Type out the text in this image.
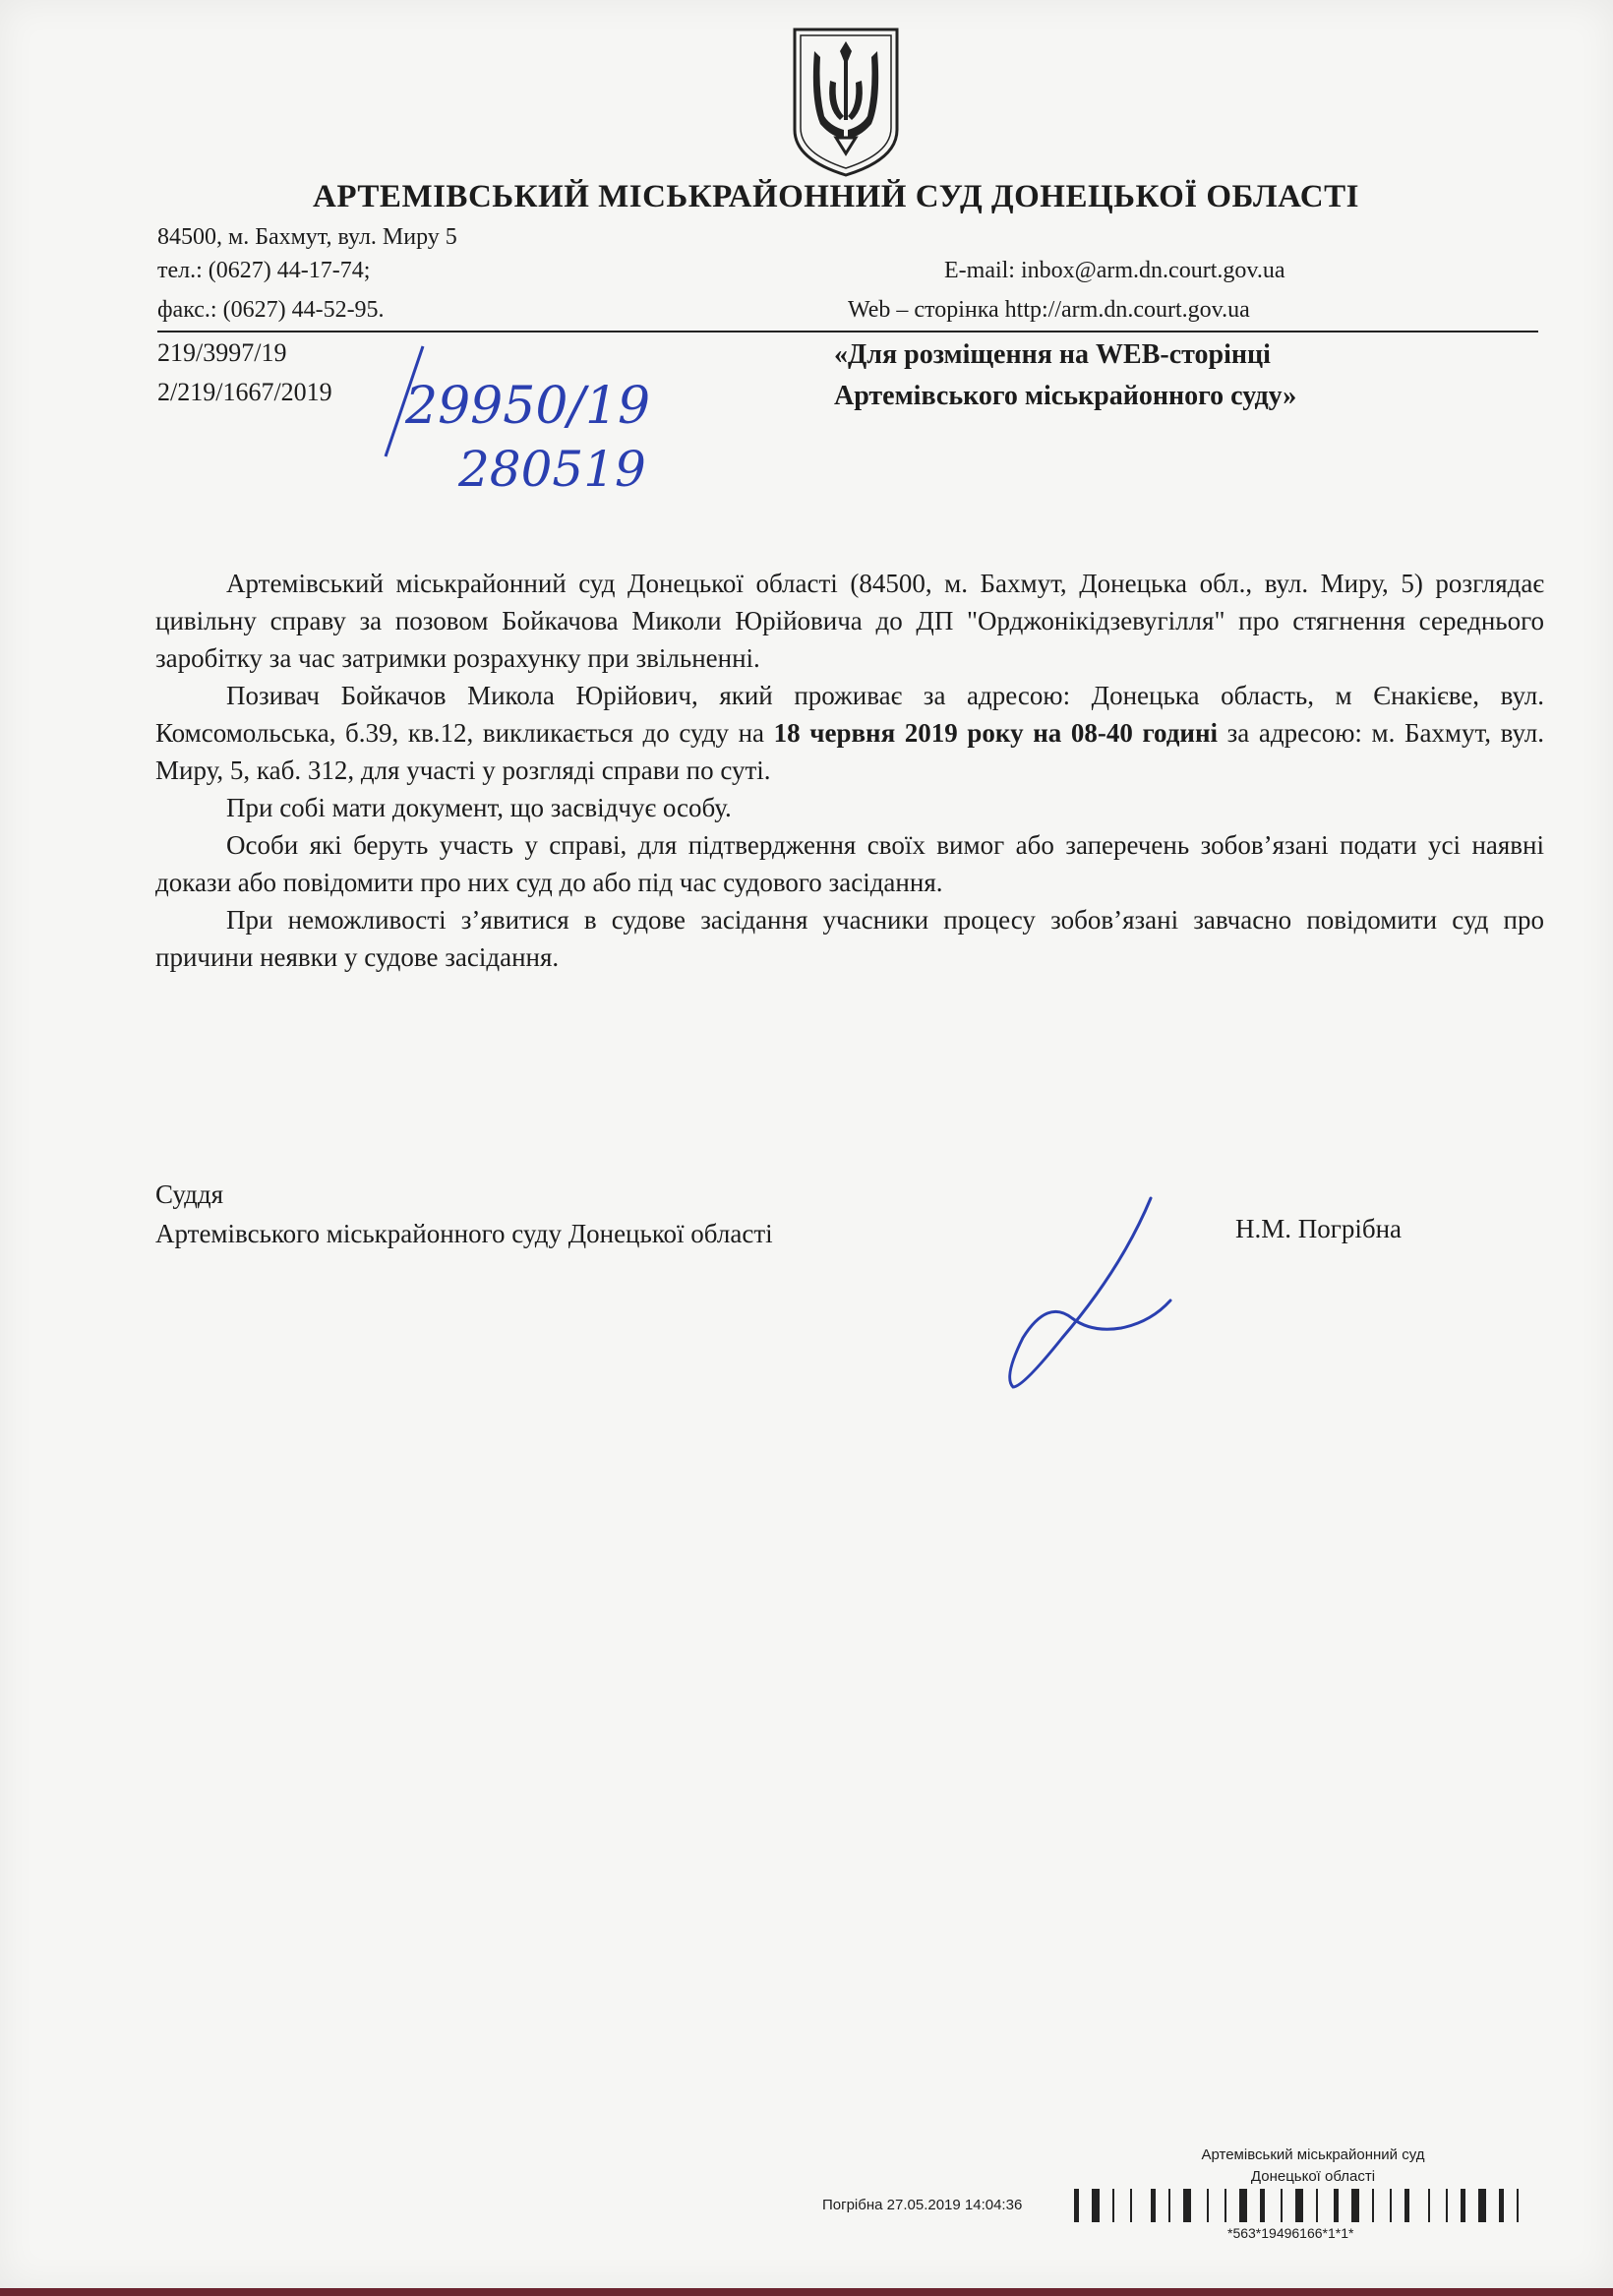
АРТЕМІВСЬКИЙ МІСЬКРАЙОННИЙ СУД ДОНЕЦЬКОЇ ОБЛАСТІ
84500, м. Бахмут, вул. Миру 5
тел.: (0627) 44-17-74;
факс.: (0627) 44-52-95.
E-mail: inbox@arm.dn.court.gov.ua
Web – сторінка http://arm.dn.court.gov.ua
219/3997/19
2/219/1667/2019 29950/19
280519
«Для розміщення на WEB-сторінці
Артемівського міськрайонного суду»

Артемівський міськрайонний суд Донецької області (84500, м. Бахмут, Донецька обл., вул. Миру, 5) розглядає цивільну справу за позовом Бойкачова Миколи Юрійовича до ДП "Орджонікідзевугілля" про стягнення середнього заробітку за час затримки розрахунку при звільненні.

Позивач Бойкачов Микола Юрійович, який проживає за адресою: Донецька область, м Єнакієве, вул. Комсомольська, б.39, кв.12, викликається до суду на 18 червня 2019 року на 08-40 годині за адресою: м. Бахмут, вул. Миру, 5, каб. 312, для участі у розгляді справи по суті.

При собі мати документ, що засвідчує особу.

Особи які беруть участь у справі, для підтвердження своїх вимог або заперечень зобов’язані подати усі наявні докази або повідомити про них суд до або під час судового засідання.

При неможливості з’явитися в судове засідання учасники процесу зобов’язані завчасно повідомити суд про причини неявки у судове засідання.

Суддя
Артемівського міськрайонного суду Донецької області	Н.М. Погрібна
Артемівський міськрайонний суд
Донецької області
Погрібна 27.05.2019 14:04:36
*563*19496166*1*1*
